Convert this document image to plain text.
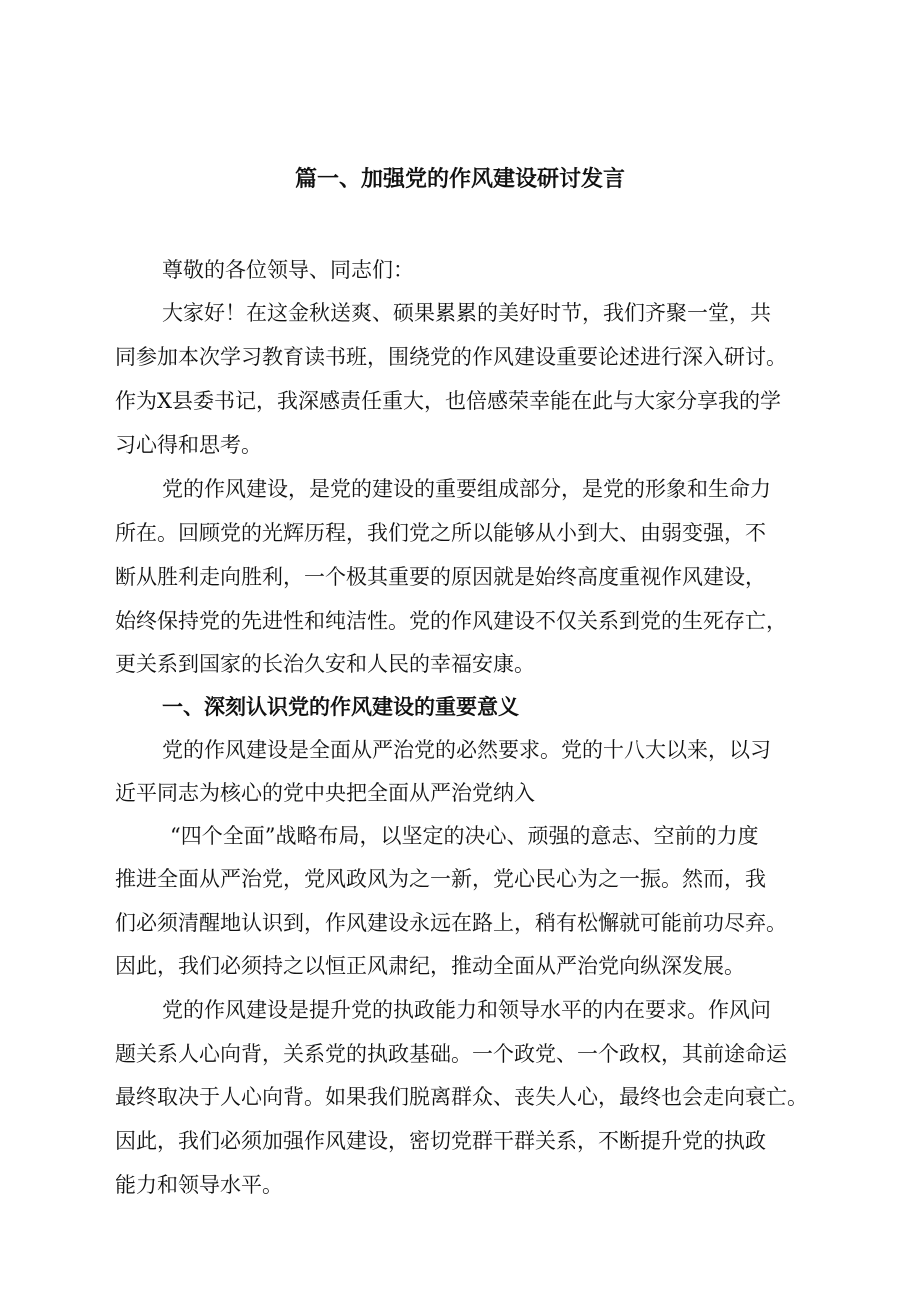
篇一、加强党的作风建设研讨发言
尊敬的各位领导、同志们：
大家好！在这金秋送爽、硕果累累的美好时节，我们齐聚一堂，共
同参加本次学习教育读书班，围绕党的作风建设重要论述进行深入研讨。
作为X县委书记，我深感责任重大，也倍感荣幸能在此与大家分享我的学
习心得和思考。
党的作风建设，是党的建设的重要组成部分，是党的形象和生命力
所在。回顾党的光辉历程，我们党之所以能够从小到大、由弱变强，不
断从胜利走向胜利，一个极其重要的原因就是始终高度重视作风建设，
始终保持党的先进性和纯洁性。党的作风建设不仅关系到党的生死存亡，
更关系到国家的长治久安和人民的幸福安康。
一、深刻认识党的作风建设的重要意义
党的作风建设是全面从严治党的必然要求。党的十八大以来，以习
近平同志为核心的党中央把全面从严治党纳入
“四个全面”战略布局，以坚定的决心、顽强的意志、空前的力度
推进全面从严治党，党风政风为之一新，党心民心为之一振。然而，我
们必须清醒地认识到，作风建设永远在路上，稍有松懈就可能前功尽弃。
因此，我们必须持之以恒正风肃纪，推动全面从严治党向纵深发展。
党的作风建设是提升党的执政能力和领导水平的内在要求。作风问
题关系人心向背，关系党的执政基础。一个政党、一个政权，其前途命运
最终取决于人心向背。如果我们脱离群众、丧失人心，最终也会走向衰亡。
因此，我们必须加强作风建设，密切党群干群关系，不断提升党的执政
能力和领导水平。
